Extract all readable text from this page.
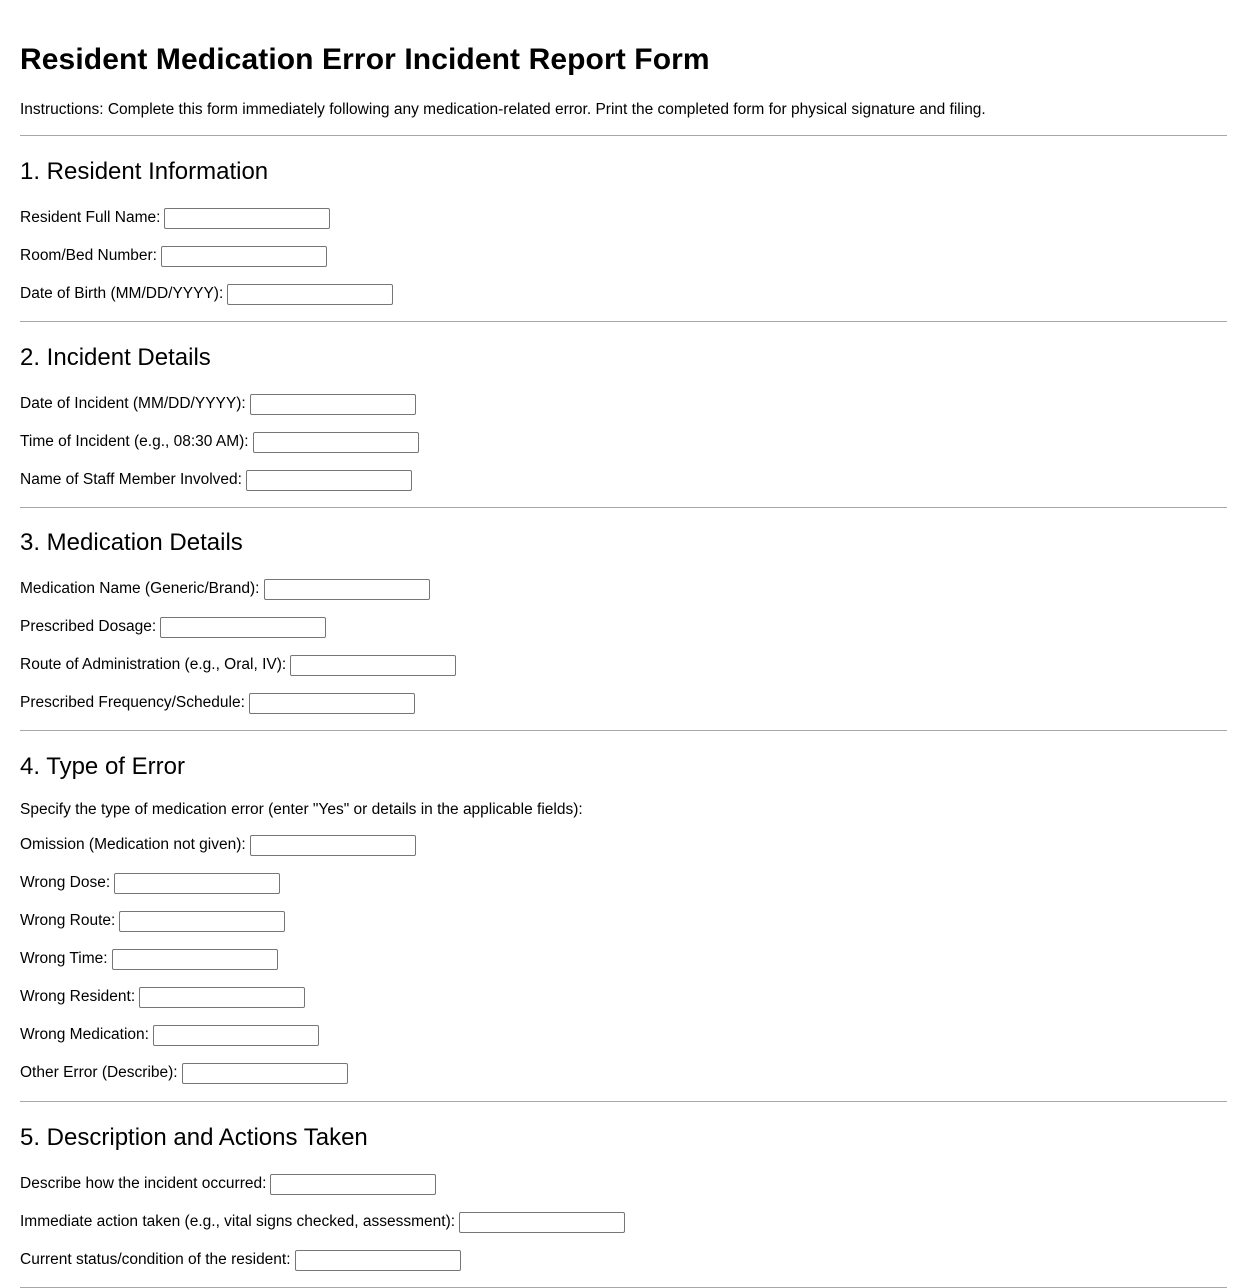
Resident Medication Error Incident Report Form
Instructions: Complete this form immediately following any medication-related error. Print the completed form for physical signature and filing.
1. Resident Information
Resident Full Name:
Room/Bed Number:
Date of Birth (MM/DD/YYYY):
2. Incident Details
Date of Incident (MM/DD/YYYY):
Time of Incident (e.g., 08:30 AM):
Name of Staff Member Involved:
3. Medication Details
Medication Name (Generic/Brand):
Prescribed Dosage:
Route of Administration (e.g., Oral, IV):
Prescribed Frequency/Schedule:
4. Type of Error
Specify the type of medication error (enter "Yes" or details in the applicable fields):
Omission (Medication not given):
Wrong Dose:
Wrong Route:
Wrong Time:
Wrong Resident:
Wrong Medication:
Other Error (Describe):
5. Description and Actions Taken
Describe how the incident occurred:
Immediate action taken (e.g., vital signs checked, assessment):
Current status/condition of the resident:
